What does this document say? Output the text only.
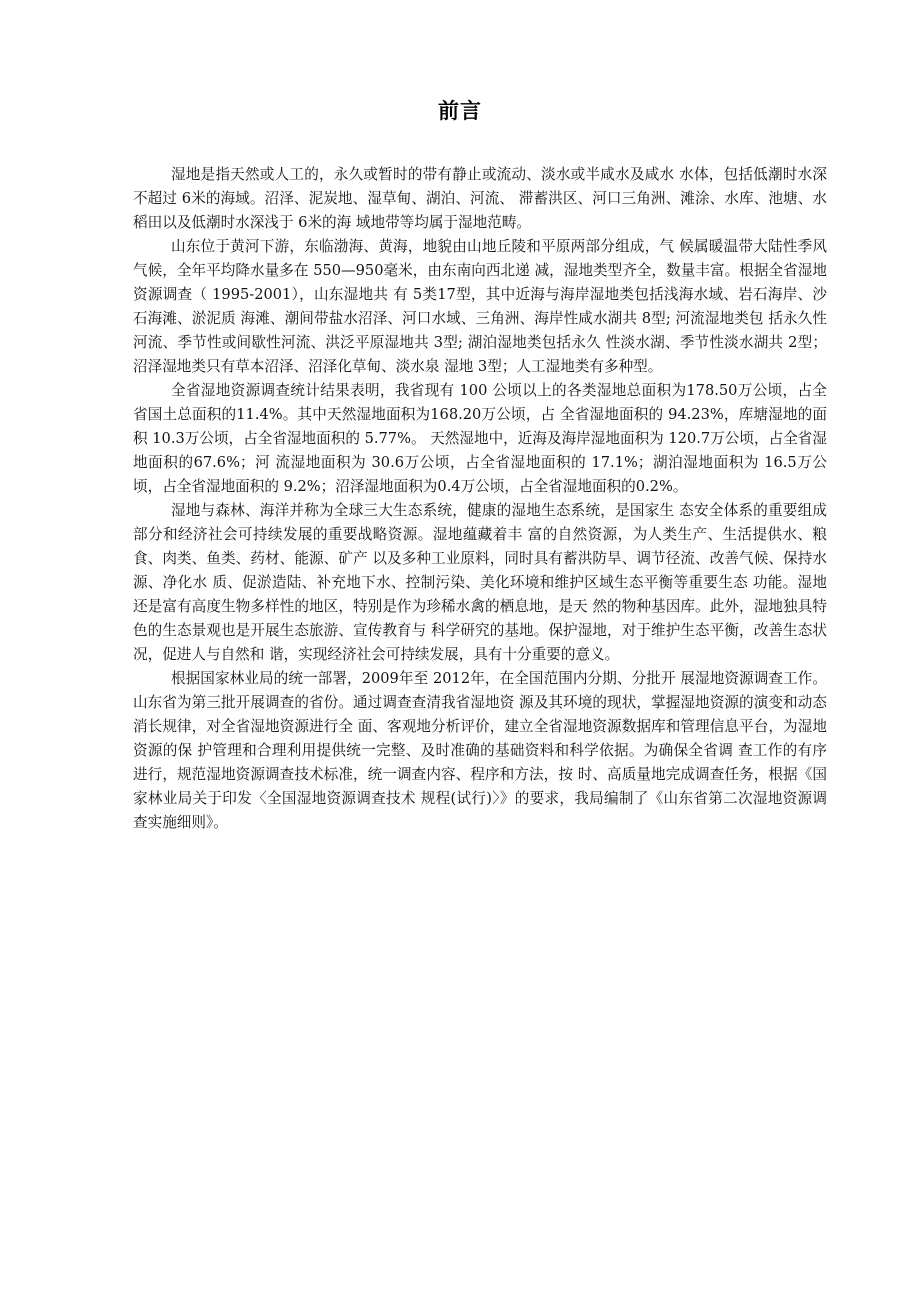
前言

湿地是指天然或人工的，永久或暂时的带有静止或流动、淡水或半咸水及咸水 水体，包括低潮时水深不超过 6米的海域。沼泽、泥炭地、湿草甸、湖泊、河流、 滞蓄洪区、河口三角洲、滩涂、水库、池塘、水稻田以及低潮时水深浅于 6米的海 域地带等均属于湿地范畴。

山东位于黄河下游，东临渤海、黄海，地貌由山地丘陵和平原两部分组成，气 候属暖温带大陆性季风气候，全年平均降水量多在 550—950毫米，由东南向西北递 减，湿地类型齐全，数量丰富。根据全省湿地资源调查（ 1995-2001），山东湿地共 有 5类17型，其中近海与海岸湿地类包括浅海水域、岩石海岸、沙石海滩、淤泥质 海滩、潮间带盐水沼泽、河口水域、三角洲、海岸性咸水湖共 8型; 河流湿地类包 括永久性河流、季节性或间歇性河流、洪泛平原湿地共 3型; 湖泊湿地类包括永久 性淡水湖、季节性淡水湖共 2型；沼泽湿地类只有草本沼泽、沼泽化草甸、淡水泉 湿地 3型；人工湿地类有多种型。

全省湿地资源调查统计结果表明，我省现有 100 公顷以上的各类湿地总面积为178.50万公顷，占全省国土总面积的11.4%。其中天然湿地面积为168.20万公顷，占 全省湿地面积的 94.23%，库塘湿地的面积 10.3万公顷，占全省湿地面积的 5.77%。 天然湿地中，近海及海岸湿地面积为 120.7万公顷，占全省湿地面积的67.6%；河 流湿地面积为 30.6万公顷，占全省湿地面积的 17.1%；湖泊湿地面积为 16.5万公 顷，占全省湿地面积的 9.2%；沼泽湿地面积为0.4万公顷，占全省湿地面积的0.2%。

湿地与森林、海洋并称为全球三大生态系统，健康的湿地生态系统，是国家生 态安全体系的重要组成部分和经济社会可持续发展的重要战略资源。湿地蕴藏着丰 富的自然资源，为人类生产、生活提供水、粮食、肉类、鱼类、药材、能源、矿产 以及多种工业原料，同时具有蓄洪防旱、调节径流、改善气候、保持水源、净化水 质、促淤造陆、补充地下水、控制污染、美化环境和维护区域生态平衡等重要生态 功能。湿地还是富有高度生物多样性的地区，特别是作为珍稀水禽的栖息地，是天 然的物种基因库。此外，湿地独具特色的生态景观也是开展生态旅游、宣传教育与 科学研究的基地。保护湿地，对于维护生态平衡，改善生态状况，促进人与自然和 谐，实现经济社会可持续发展，具有十分重要的意义。

根据国家林业局的统一部署，2009年至 2012年，在全国范围内分期、分批开 展湿地资源调查工作。山东省为第三批开展调查的省份。通过调查查清我省湿地资 源及其环境的现状，掌握湿地资源的演变和动态消长规律，对全省湿地资源进行全 面、客观地分析评价，建立全省湿地资源数据库和管理信息平台，为湿地资源的保 护管理和合理利用提供统一完整、及时准确的基础资料和科学依据。为确保全省调 查工作的有序进行，规范湿地资源调查技术标准，统一调查内容、程序和方法，按 时、高质量地完成调查任务，根据《国家林业局关于印发〈全国湿地资源调查技术 规程(试行)〉》的要求，我局编制了《山东省第二次湿地资源调查实施细则》。
